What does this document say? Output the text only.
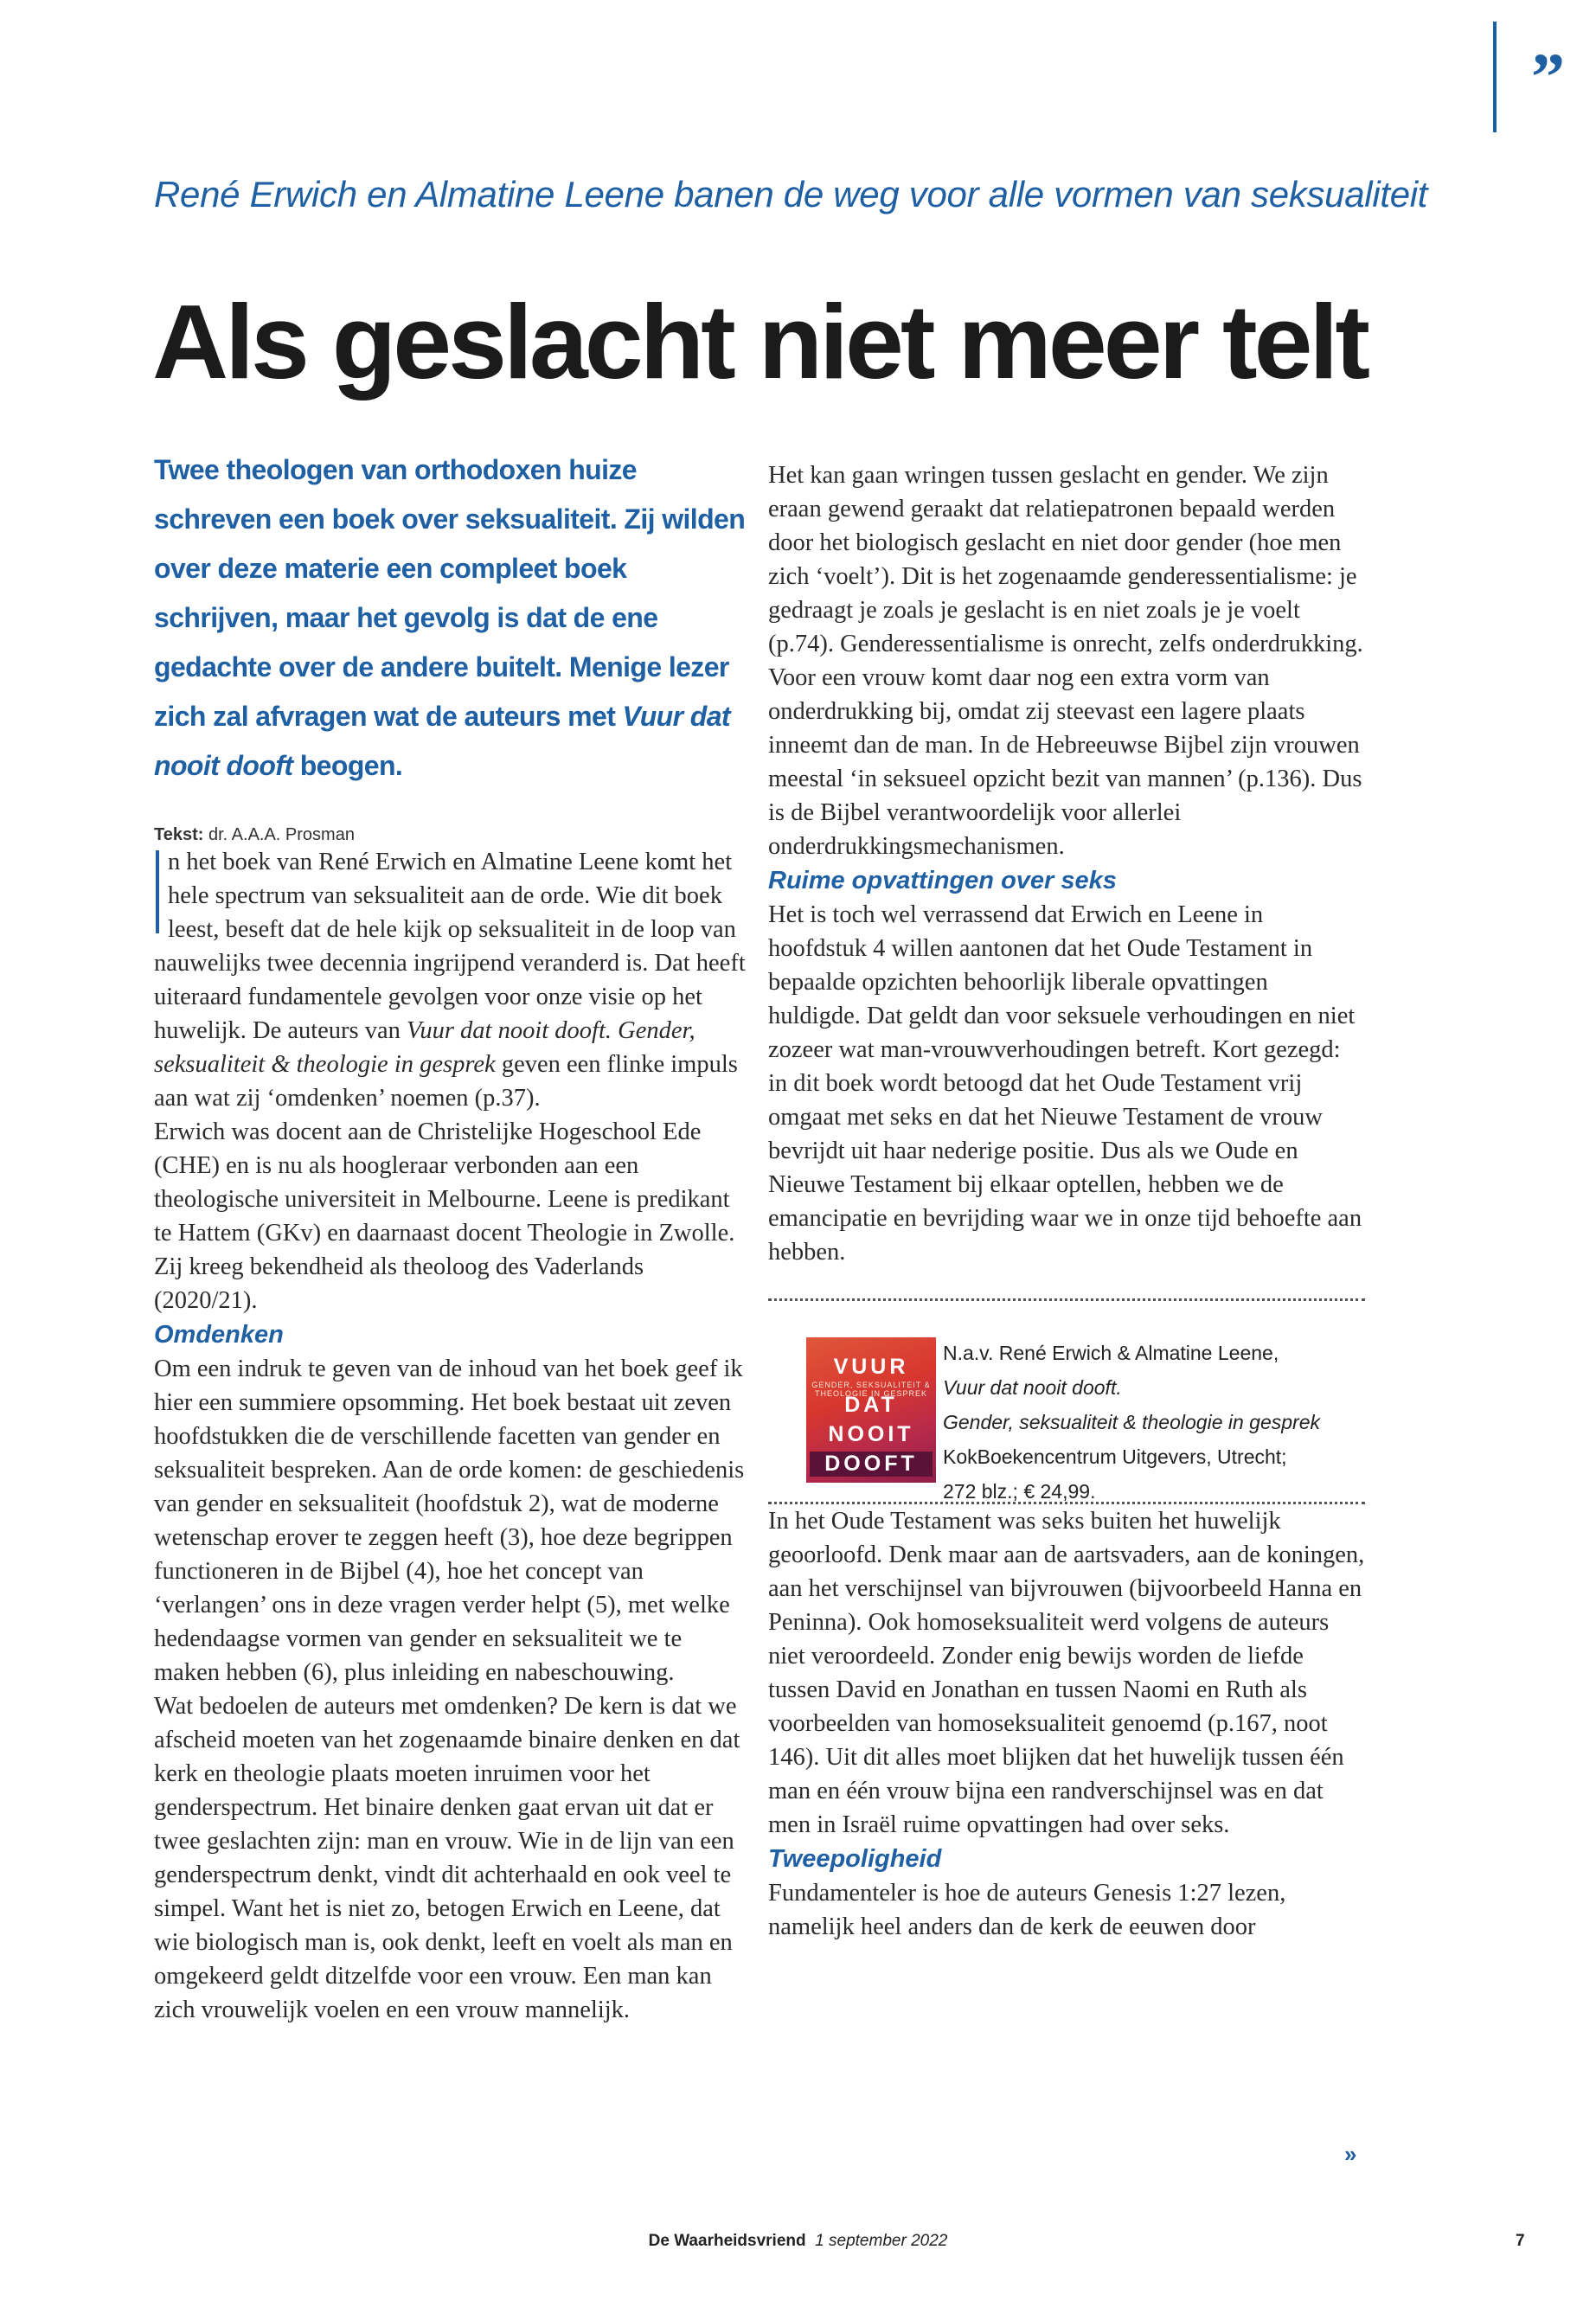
”
René Erwich en Almatine Leene banen de weg voor alle vormen van seksualiteit
Als geslacht niet meer telt

Twee theologen van orthodoxen huize schreven een boek over seksualiteit. Zij wilden over deze materie een compleet boek schrijven, maar het gevolg is dat de ene gedachte over de andere buitelt. Menige lezer zich zal afvragen wat de auteurs met Vuur dat nooit dooft beogen.

Tekst: dr. A.A.A. Prosman

n het boek van René Erwich en Almatine Leene komt het hele spectrum van seksualiteit aan de orde. Wie dit boek leest, beseft dat de hele kijk op seksualiteit in de loop van nauwelijks twee decennia ingrijpend veranderd is. Dat heeft uiteraard fundamentele gevolgen voor onze visie op het huwelijk. De auteurs van Vuur dat nooit dooft. Gender, seksualiteit & theologie in gesprek geven een flinke impuls aan wat zij ‘omdenken’ noemen (p.37).

Erwich was docent aan de Christelijke Hogeschool Ede (CHE) en is nu als hoogleraar verbonden aan een theologische universiteit in Melbourne. Leene is predikant te Hattem (GKv) en daarnaast docent Theologie in Zwolle. Zij kreeg bekendheid als theoloog des Vaderlands (2020/21).

Omdenken

Om een indruk te geven van de inhoud van het boek geef ik hier een summiere opsomming. Het boek bestaat uit zeven hoofdstukken die de verschillende facetten van gender en seksualiteit bespreken. Aan de orde komen: de geschiedenis van gender en seksualiteit (hoofdstuk 2), wat de moderne wetenschap erover te zeggen heeft (3), hoe deze begrippen functioneren in de Bijbel (4), hoe het concept van ‘verlangen’ ons in deze vragen verder helpt (5), met welke hedendaagse vormen van gender en seksualiteit we te maken hebben (6), plus inleiding en nabeschouwing.

Wat bedoelen de auteurs met omdenken? De kern is dat we afscheid moeten van het zogenaamde binaire denken en dat kerk en theologie plaats moeten inruimen voor het genderspectrum. Het binaire denken gaat ervan uit dat er twee geslachten zijn: man en vrouw. Wie in de lijn van een genderspectrum denkt, vindt dit achterhaald en ook veel te simpel. Want het is niet zo, betogen Erwich en Leene, dat wie biologisch man is, ook denkt, leeft en voelt als man en omgekeerd geldt ditzelfde voor een vrouw. Een man kan zich vrouwelijk voelen en een vrouw mannelijk.

Het kan gaan wringen tussen geslacht en gender. We zijn eraan gewend geraakt dat relatiepatronen bepaald werden door het biologisch geslacht en niet door gender (hoe men zich ‘voelt’). Dit is het zogenaamde genderessentialisme: je gedraagt je zoals je geslacht is en niet zoals je je voelt (p.74). Genderessentialisme is onrecht, zelfs onderdrukking. Voor een vrouw komt daar nog een extra vorm van onderdrukking bij, omdat zij steevast een lagere plaats inneemt dan de man. In de Hebreeuwse Bijbel zijn vrouwen meestal ‘in seksueel opzicht bezit van mannen’ (p.136). Dus is de Bijbel verantwoordelijk voor allerlei onderdrukkingsmechanismen.

Ruime opvattingen over seks

Het is toch wel verrassend dat Erwich en Leene in hoofdstuk 4 willen aantonen dat het Oude Testament in bepaalde opzichten behoorlijk liberale opvattingen huldigde. Dat geldt dan voor seksuele verhoudingen en niet zozeer wat man-vrouwverhoudingen betreft. Kort gezegd: in dit boek wordt betoogd dat het Oude Testament vrij omgaat met seks en dat het Nieuwe Testament de vrouw bevrijdt uit haar nederige positie. Dus als we Oude en Nieuwe Testament bij elkaar optellen, hebben we de emancipatie en bevrijding waar we in onze tijd behoefte aan hebben.

VUUR
GENDER, SEKSUALITEIT & THEOLOGIE IN GESPREK
DAT
NOOIT
DOOFT
N.a.v. René Erwich & Almatine Leene,
Vuur dat nooit dooft.
Gender, seksualiteit & theologie in gesprek
KokBoekencentrum Uitgevers, Utrecht;
272 blz.; € 24,99.

In het Oude Testament was seks buiten het huwelijk geoorloofd. Denk maar aan de aartsvaders, aan de koningen, aan het verschijnsel van bijvrouwen (bijvoorbeeld Hanna en Peninna). Ook homoseksualiteit werd volgens de auteurs niet veroordeeld. Zonder enig bewijs worden de liefde tussen David en Jonathan en tussen Naomi en Ruth als voorbeelden van homoseksualiteit genoemd (p.167, noot 146). Uit dit alles moet blijken dat het huwelijk tussen één man en één vrouw bijna een randverschijnsel was en dat men in Israël ruime opvattingen had over seks.

Tweepoligheid

Fundamenteler is hoe de auteurs Genesis 1:27 lezen, namelijk heel anders dan de kerk de eeuwen door

»
De Waarheidsvriend 1 september 2022	7
